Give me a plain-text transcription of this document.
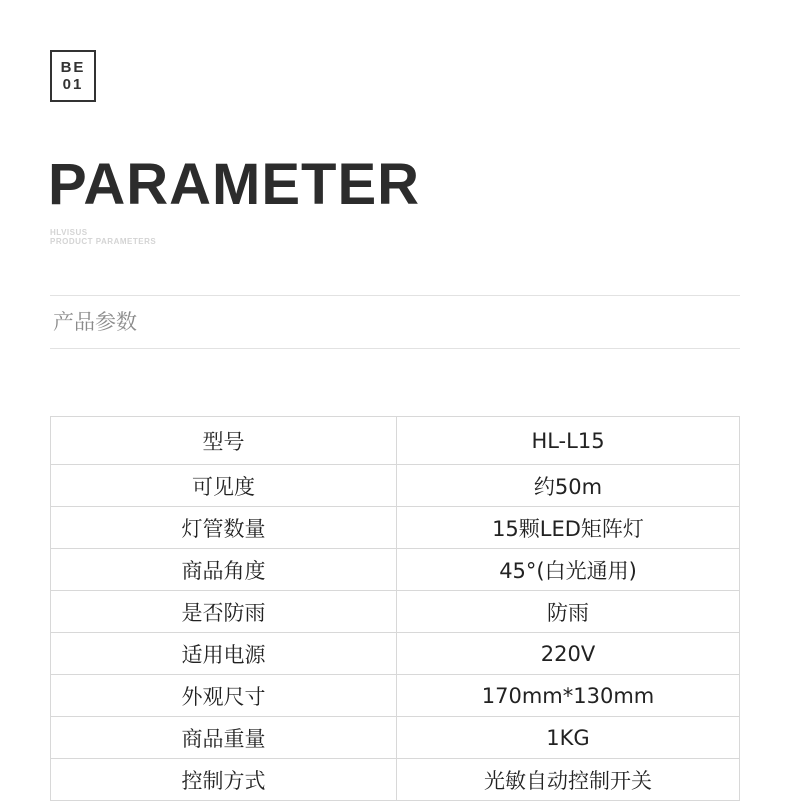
BE
01
PARAMETER
HLVISUS
PRODUCT PARAMETERS
产品参数
型号	HL-L15
可见度	约50m
灯管数量	15颗LED矩阵灯
商品角度	45°(白光通用)
是否防雨	防雨
适用电源	220V
外观尺寸	170mm*130mm
商品重量	1KG
控制方式	光敏自动控制开关
